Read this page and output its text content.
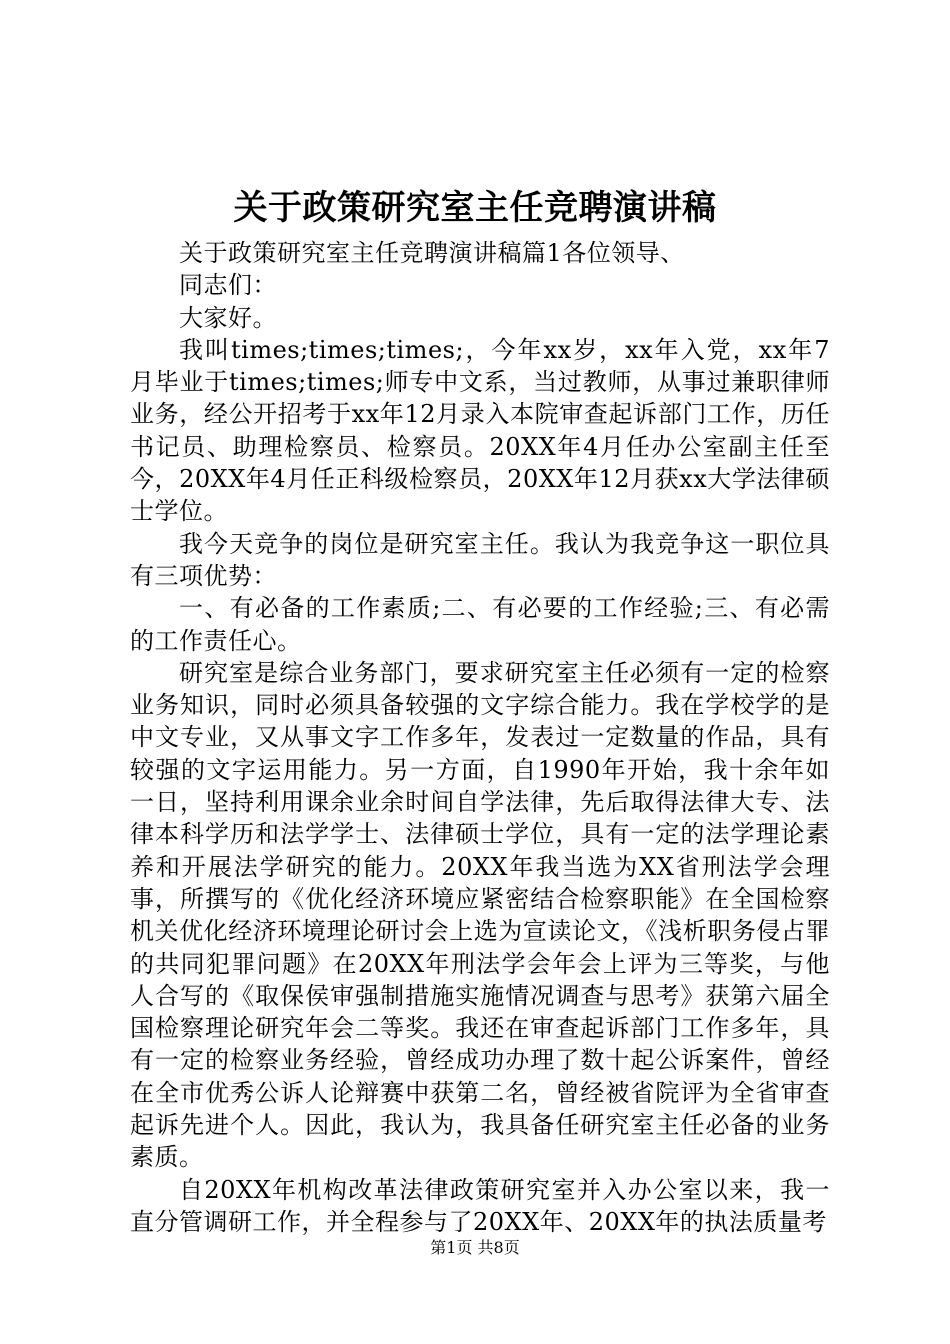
关于政策研究室主任竞聘演讲稿

关于政策研究室主任竞聘演讲稿篇1各位领导、

同志们：

大家好。

我叫times;times;times;，今年xx岁，xx年入党，xx年7月毕业于times;times;师专中文系，当过教师，从事过兼职律师业务，经公开招考于xx年12月录入本院审查起诉部门工作，历任书记员、助理检察员、检察员。20XX年4月任办公室副主任至今，20XX年4月任正科级检察员，20XX年12月获xx大学法律硕士学位。

我今天竞争的岗位是研究室主任。我认为我竞争这一职位具有三项优势：

一、有必备的工作素质;二、有必要的工作经验;三、有必需的工作责任心。

研究室是综合业务部门，要求研究室主任必须有一定的检察业务知识，同时必须具备较强的文字综合能力。我在学校学的是中文专业，又从事文字工作多年，发表过一定数量的作品，具有较强的文字运用能力。另一方面，自1990年开始，我十余年如一日，坚持利用课余业余时间自学法律，先后取得法律大专、法律本科学历和法学学士、法律硕士学位，具有一定的法学理论素养和开展法学研究的能力。20XX年我当选为XX省刑法学会理事，所撰写的《优化经济环境应紧密结合检察职能》在全国检察机关优化经济环境理论研讨会上选为宣读论文，《浅析职务侵占罪的共同犯罪问题》在20XX年刑法学会年会上评为三等奖，与他人合写的《取保侯审强制措施实施情况调查与思考》获第六届全国检察理论研究年会二等奖。我还在审查起诉部门工作多年，具有一定的检察业务经验，曾经成功办理了数十起公诉案件，曾经在全市优秀公诉人论辩赛中获第二名，曾经被省院评为全省审查起诉先进个人。因此，我认为，我具备任研究室主任必备的业务素质。

自20XX年机构改革法律政策研究室并入办公室以来，我一直分管调研工作，并全程参与了20XX年、20XX年的执法质量考

第1页 共8页
